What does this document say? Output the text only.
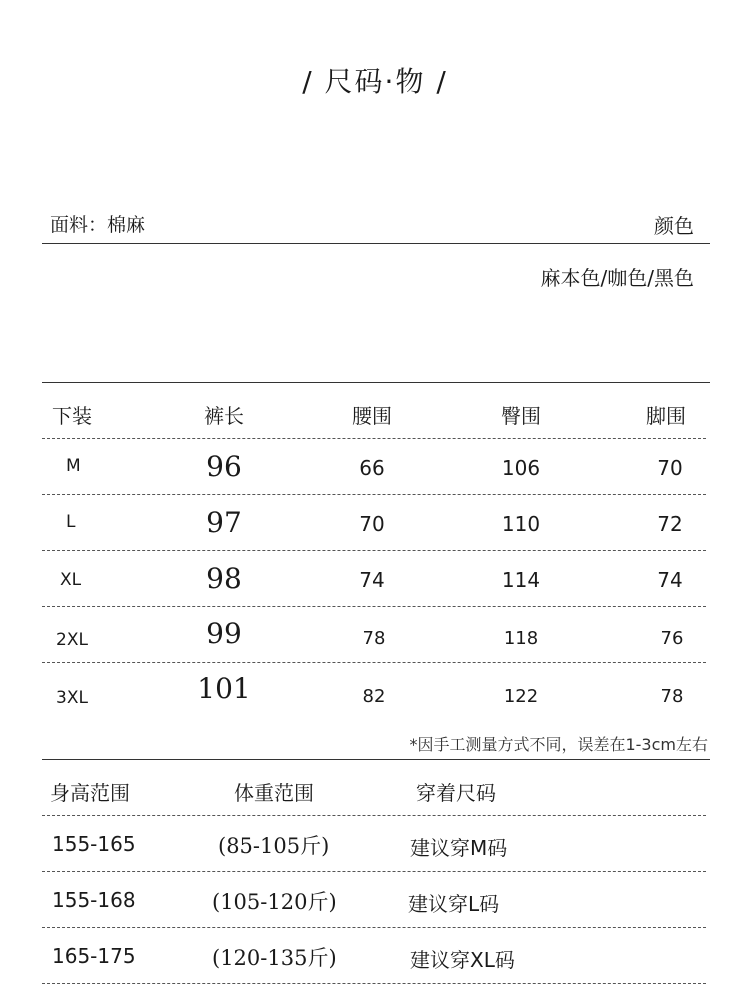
/ 尺码·物 /
面料：棉麻	颜色
麻本色/咖色/黑色
下装	裤长	腰围	臀围	脚围
M	96	66	106	70
L	97	70	110	72
XL	98	74	114	74
2XL	99	78	118	76
3XL	101	82	122	78
*因手工测量方式不同，误差在1-3cm左右
身高范围	体重范围	穿着尺码
155-165	(85-105斤)	建议穿M码
155-168	(105-120斤)	建议穿L码
165-175	(120-135斤)	建议穿XL码
